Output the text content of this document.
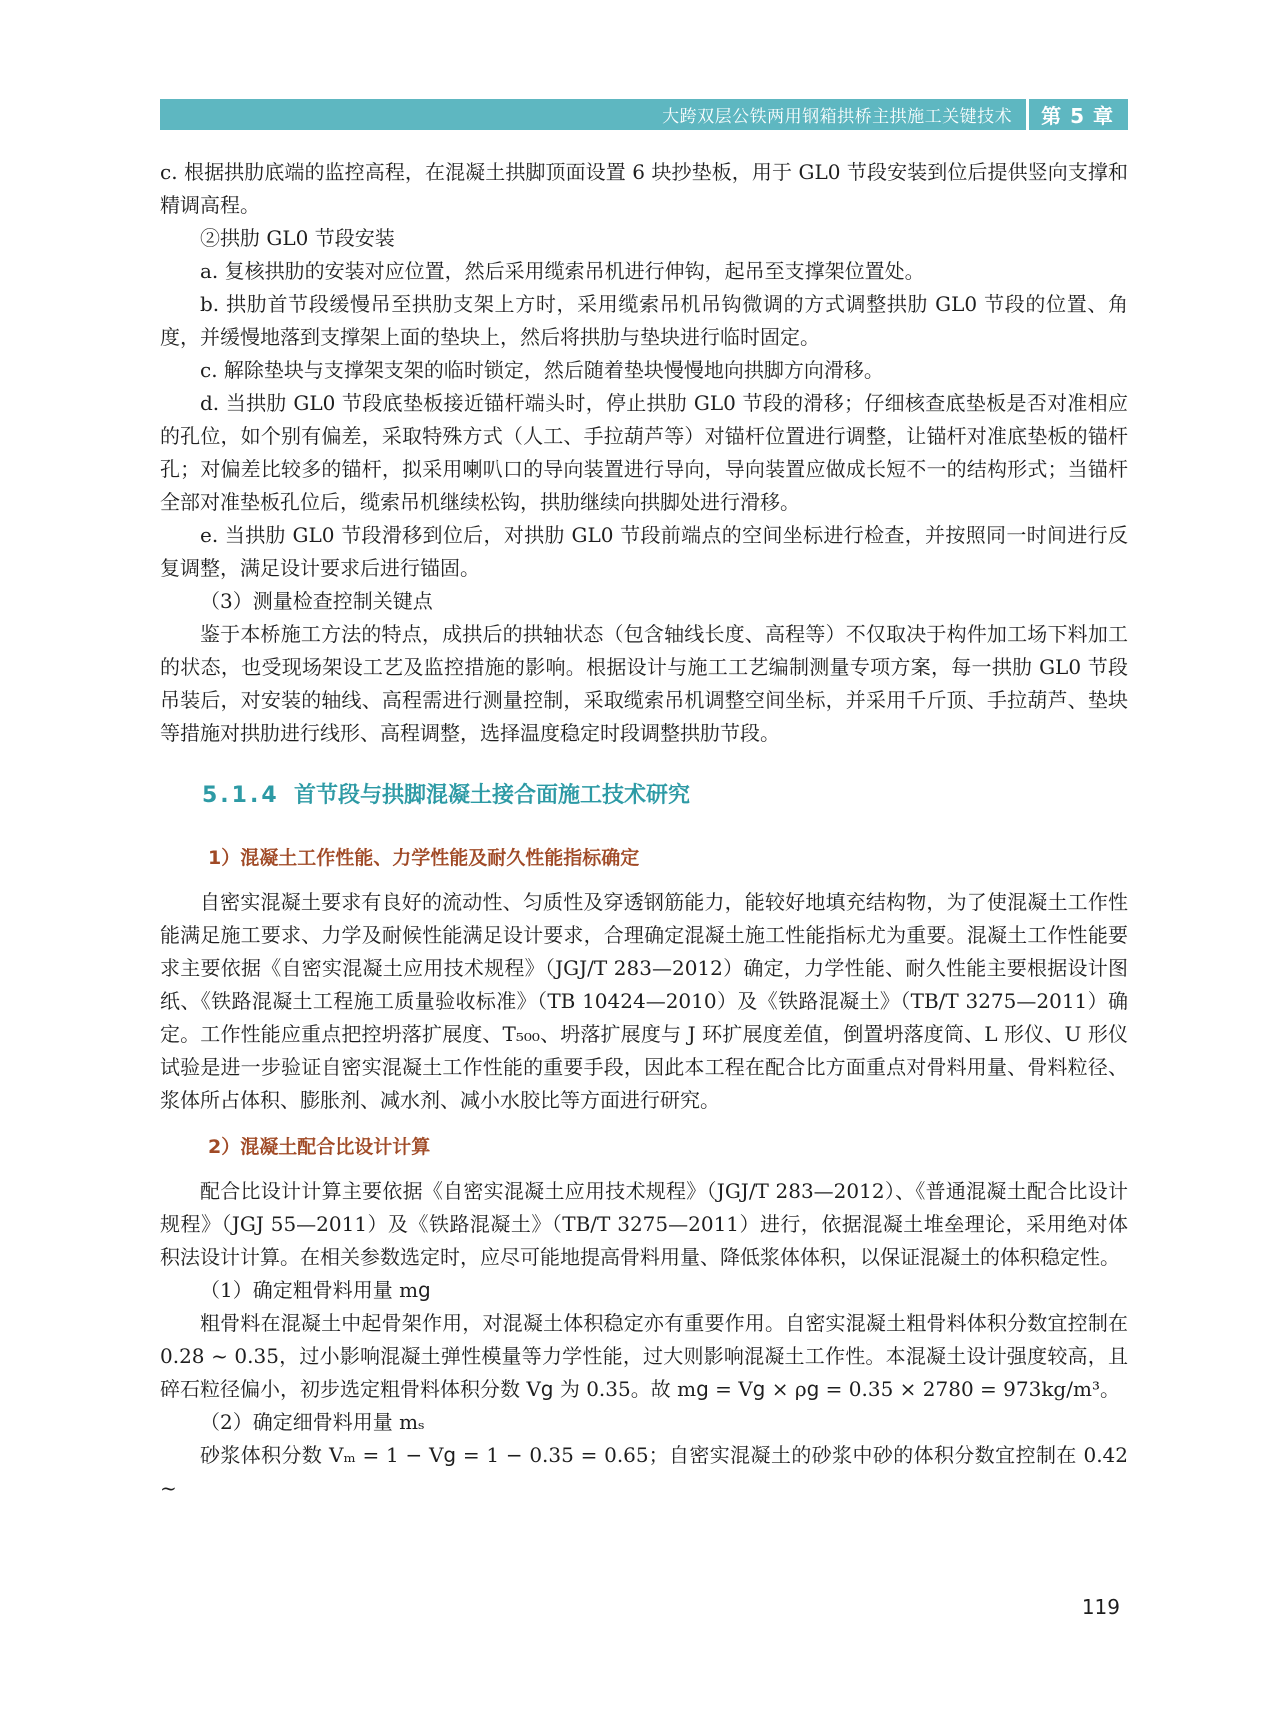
大跨双层公铁两用钢箱拱桥主拱施工关键技术	第 5 章

c. 根据拱肋底端的监控高程，在混凝土拱脚顶面设置 6 块抄垫板，用于 GL0 节段安装到位后提供竖向支撑和精调高程。

②拱肋 GL0 节段安装

a. 复核拱肋的安装对应位置，然后采用缆索吊机进行伸钩，起吊至支撑架位置处。

b. 拱肋首节段缓慢吊至拱肋支架上方时，采用缆索吊机吊钩微调的方式调整拱肋 GL0 节段的位置、角度，并缓慢地落到支撑架上面的垫块上，然后将拱肋与垫块进行临时固定。

c. 解除垫块与支撑架支架的临时锁定，然后随着垫块慢慢地向拱脚方向滑移。

d. 当拱肋 GL0 节段底垫板接近锚杆端头时，停止拱肋 GL0 节段的滑移；仔细核查底垫板是否对准相应的孔位，如个别有偏差，采取特殊方式（人工、手拉葫芦等）对锚杆位置进行调整，让锚杆对准底垫板的锚杆孔；对偏差比较多的锚杆，拟采用喇叭口的导向装置进行导向，导向装置应做成长短不一的结构形式；当锚杆全部对准垫板孔位后，缆索吊机继续松钩，拱肋继续向拱脚处进行滑移。

e. 当拱肋 GL0 节段滑移到位后，对拱肋 GL0 节段前端点的空间坐标进行检查，并按照同一时间进行反复调整，满足设计要求后进行锚固。

（3）测量检查控制关键点

鉴于本桥施工方法的特点，成拱后的拱轴状态（包含轴线长度、高程等）不仅取决于构件加工场下料加工的状态，也受现场架设工艺及监控措施的影响。根据设计与施工工艺编制测量专项方案，每一拱肋 GL0 节段吊装后，对安装的轴线、高程需进行测量控制，采取缆索吊机调整空间坐标，并采用千斤顶、手拉葫芦、垫块等措施对拱肋进行线形、高程调整，选择温度稳定时段调整拱肋节段。

5.1.4 首节段与拱脚混凝土接合面施工技术研究
1）混凝土工作性能、力学性能及耐久性能指标确定

自密实混凝土要求有良好的流动性、匀质性及穿透钢筋能力，能较好地填充结构物，为了使混凝土工作性能满足施工要求、力学及耐候性能满足设计要求，合理确定混凝土施工性能指标尤为重要。混凝土工作性能要求主要依据《自密实混凝土应用技术规程》（JGJ/T 283—2012）确定，力学性能、耐久性能主要根据设计图纸、《铁路混凝土工程施工质量验收标准》（TB 10424—2010）及《铁路混凝土》（TB/T 3275—2011）确定。工作性能应重点把控坍落扩展度、T₅₀₀、坍落扩展度与 J 环扩展度差值，倒置坍落度筒、L 形仪、U 形仪试验是进一步验证自密实混凝土工作性能的重要手段，因此本工程在配合比方面重点对骨料用量、骨料粒径、浆体所占体积、膨胀剂、减水剂、减小水胶比等方面进行研究。

2）混凝土配合比设计计算

配合比设计计算主要依据《自密实混凝土应用技术规程》（JGJ/T 283—2012）、《普通混凝土配合比设计规程》（JGJ 55—2011）及《铁路混凝土》（TB/T 3275—2011）进行，依据混凝土堆垒理论，采用绝对体积法设计计算。在相关参数选定时，应尽可能地提高骨料用量、降低浆体体积，以保证混凝土的体积稳定性。

（1）确定粗骨料用量 m𝗀

粗骨料在混凝土中起骨架作用，对混凝土体积稳定亦有重要作用。自密实混凝土粗骨料体积分数宜控制在 0.28 ~ 0.35，过小影响混凝土弹性模量等力学性能，过大则影响混凝土工作性。本混凝土设计强度较高，且碎石粒径偏小，初步选定粗骨料体积分数 V𝗀 为 0.35。故 m𝗀 = V𝗀 × ρ𝗀 = 0.35 × 2780 = 973kg/m³。

（2）确定细骨料用量 mₛ

砂浆体积分数 Vₘ = 1 − V𝗀 = 1 − 0.35 = 0.65；自密实混凝土的砂浆中砂的体积分数宜控制在 0.42 ~

119
